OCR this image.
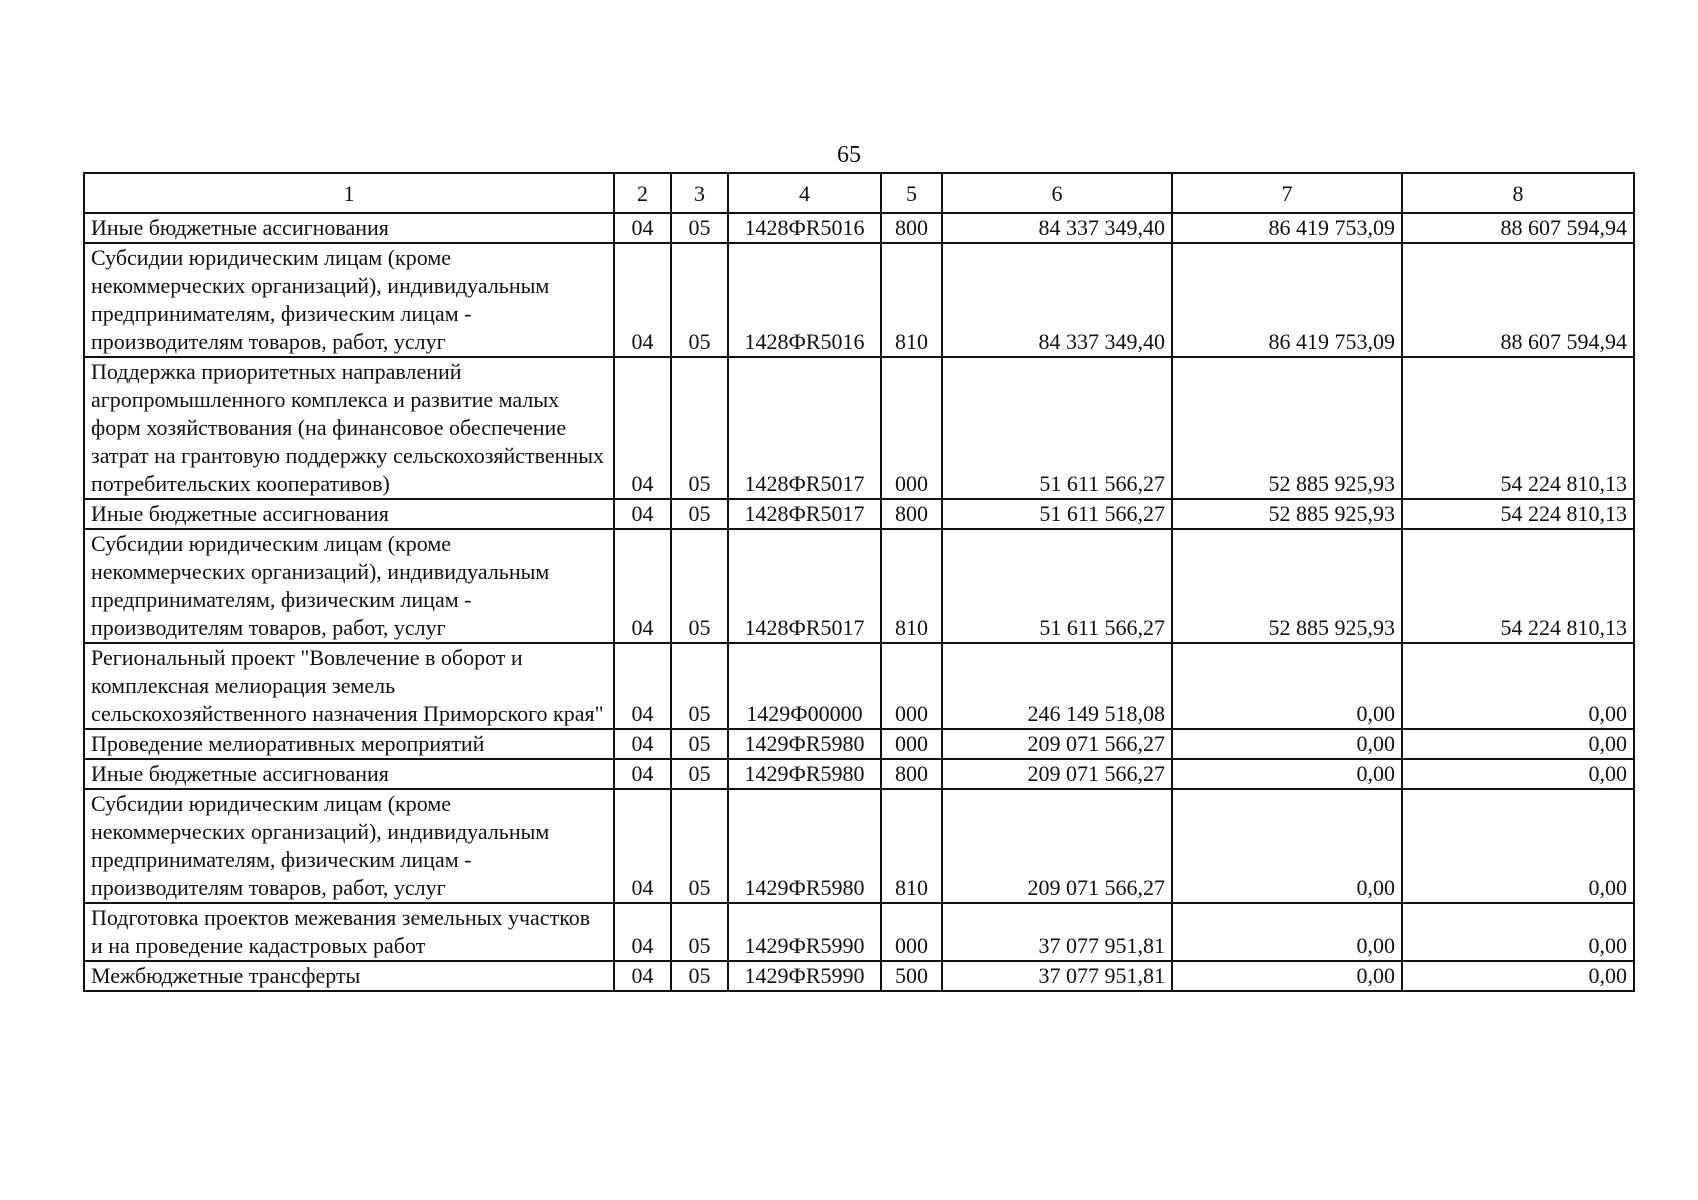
65
1	2	3	4	5	6	7	8
Иные бюджетные ассигнования	04	05	1428ФR5016	800	84 337 349,40	86 419 753,09	88 607 594,94
Субсидии юридическим лицам (кроме некоммерческих организаций), индивидуальным предпринимателям, физическим лицам - производителям товаров, работ, услуг	04	05	1428ФR5016	810	84 337 349,40	86 419 753,09	88 607 594,94
Поддержка приоритетных направлений агропромышленного комплекса и развитие малых форм хозяйствования (на финансовое обеспечение затрат на грантовую поддержку сельскохозяйственных потребительских кооперативов)	04	05	1428ФR5017	000	51 611 566,27	52 885 925,93	54 224 810,13
Иные бюджетные ассигнования	04	05	1428ФR5017	800	51 611 566,27	52 885 925,93	54 224 810,13
Субсидии юридическим лицам (кроме некоммерческих организаций), индивидуальным предпринимателям, физическим лицам - производителям товаров, работ, услуг	04	05	1428ФR5017	810	51 611 566,27	52 885 925,93	54 224 810,13
Региональный проект "Вовлечение в оборот и комплексная мелиорация земель сельскохозяйственного назначения Приморского края"	04	05	1429Ф00000	000	246 149 518,08	0,00	0,00
Проведение мелиоративных мероприятий	04	05	1429ФR5980	000	209 071 566,27	0,00	0,00
Иные бюджетные ассигнования	04	05	1429ФR5980	800	209 071 566,27	0,00	0,00
Субсидии юридическим лицам (кроме некоммерческих организаций), индивидуальным предпринимателям, физическим лицам - производителям товаров, работ, услуг	04	05	1429ФR5980	810	209 071 566,27	0,00	0,00
Подготовка проектов межевания земельных участков и на проведение кадастровых работ	04	05	1429ФR5990	000	37 077 951,81	0,00	0,00
Межбюджетные трансферты	04	05	1429ФR5990	500	37 077 951,81	0,00	0,00
